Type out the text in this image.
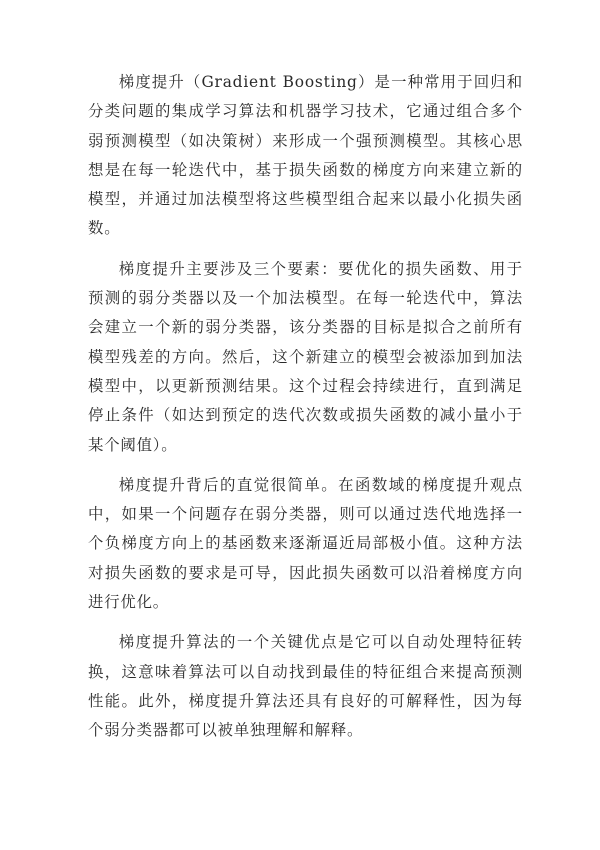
梯度提升（Gradient Boosting）是一种常用于回归和分类问题的集成学习算法和机器学习技术，它通过组合多个弱预测模型（如决策树）来形成一个强预测模型。其核心思想是在每一轮迭代中，基于损失函数的梯度方向来建立新的模型，并通过加法模型将这些模型组合起来以最小化损失函数。

梯度提升主要涉及三个要素：要优化的损失函数、用于预测的弱分类器以及一个加法模型。在每一轮迭代中，算法会建立一个新的弱分类器，该分类器的目标是拟合之前所有模型残差的方向。然后，这个新建立的模型会被添加到加法模型中，以更新预测结果。这个过程会持续进行，直到满足停止条件（如达到预定的迭代次数或损失函数的减小量小于某个阈值）。

梯度提升背后的直觉很简单。在函数域的梯度提升观点中，如果一个问题存在弱分类器，则可以通过迭代地选择一个负梯度方向上的基函数来逐渐逼近局部极小值。这种方法对损失函数的要求是可导，因此损失函数可以沿着梯度方向进行优化。

梯度提升算法的一个关键优点是它可以自动处理特征转换，这意味着算法可以自动找到最佳的特征组合来提高预测性能。此外，梯度提升算法还具有良好的可解释性，因为每个弱分类器都可以被单独理解和解释。
